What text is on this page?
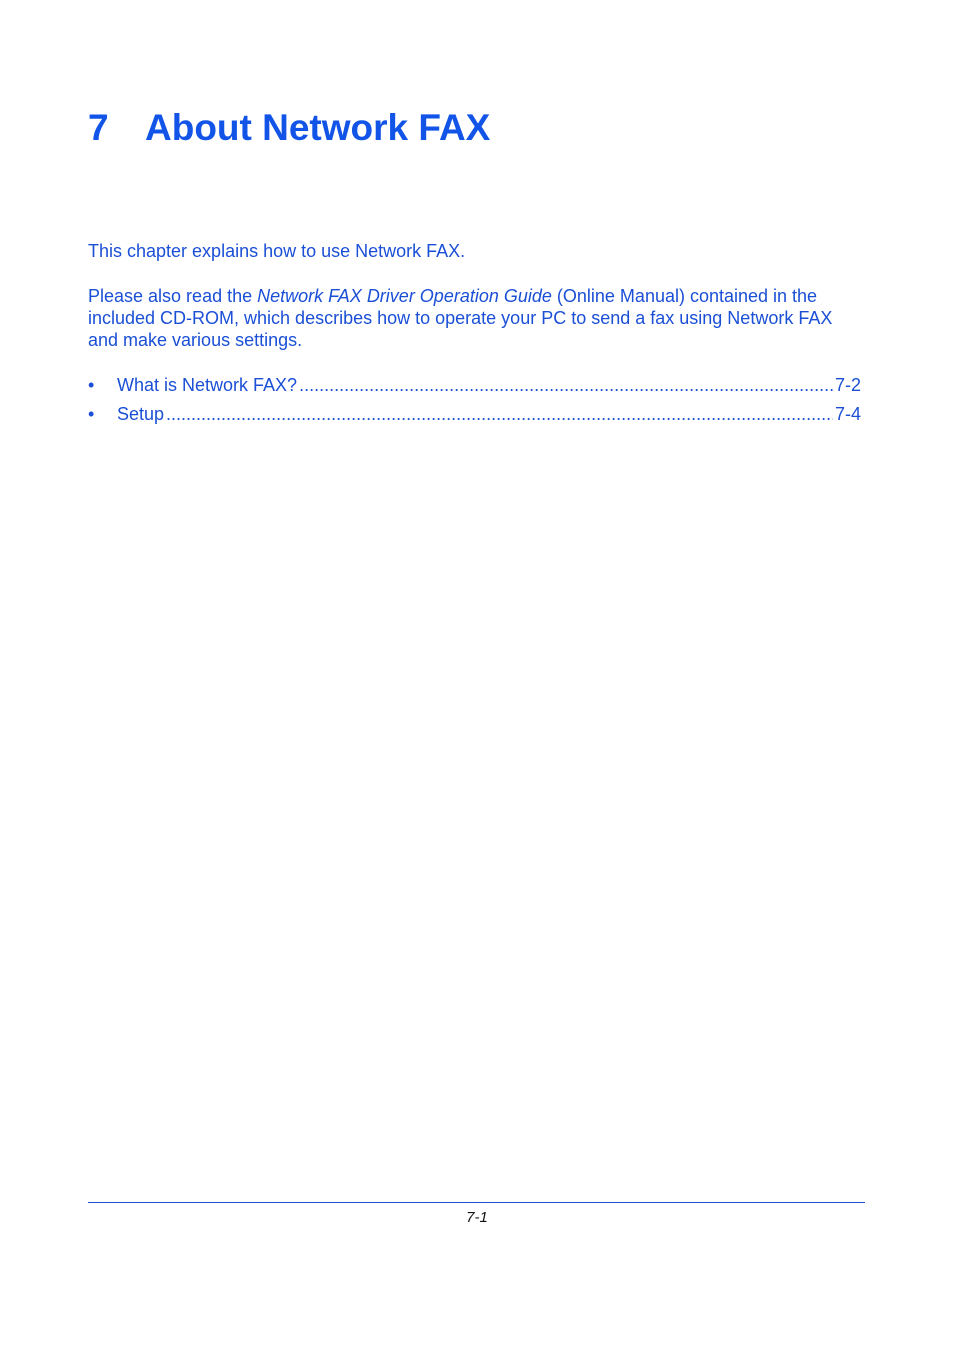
7 About Network FAX

This chapter explains how to use Network FAX.

Please also read the Network FAX Driver Operation Guide (Online Manual) contained in the included CD-ROM, which describes how to operate your PC to send a fax using Network FAX and make various settings.

•	What is Network FAX? .....	7-2
•	Setup .....	7-4
7-1
